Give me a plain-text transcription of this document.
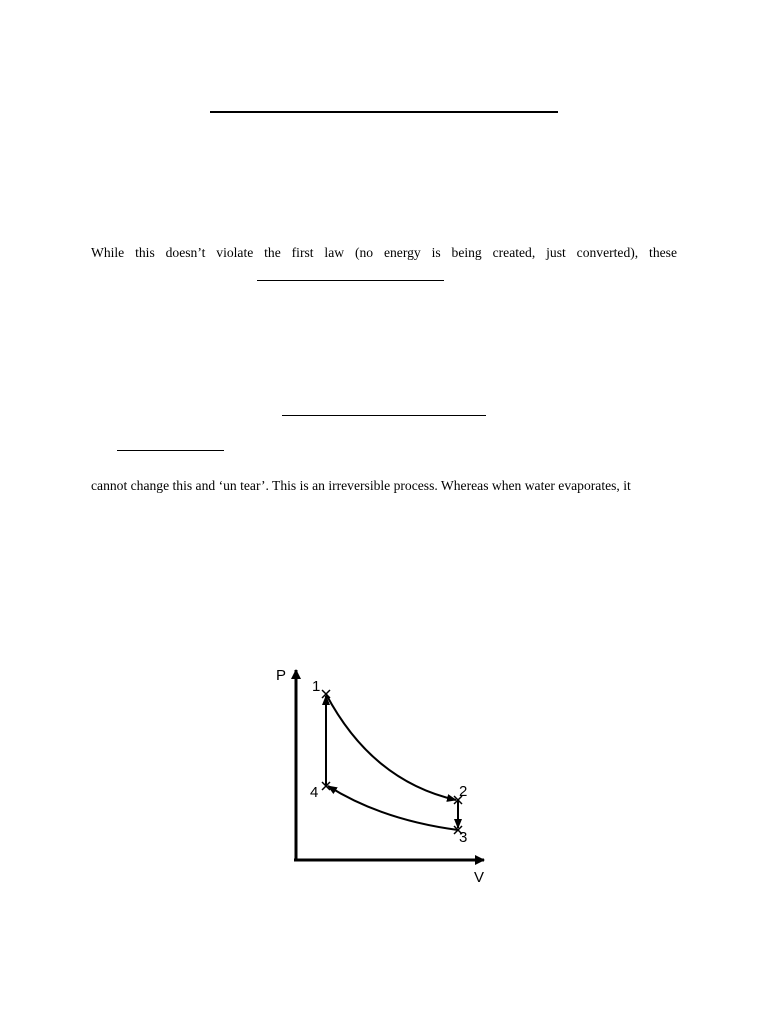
While this doesn’t violate the first law (no energy is being created, just converted), these
cannot change this and ‘un tear’. This is an irreversible process. Whereas when water evaporates, it
P
V
1
2
3
4
